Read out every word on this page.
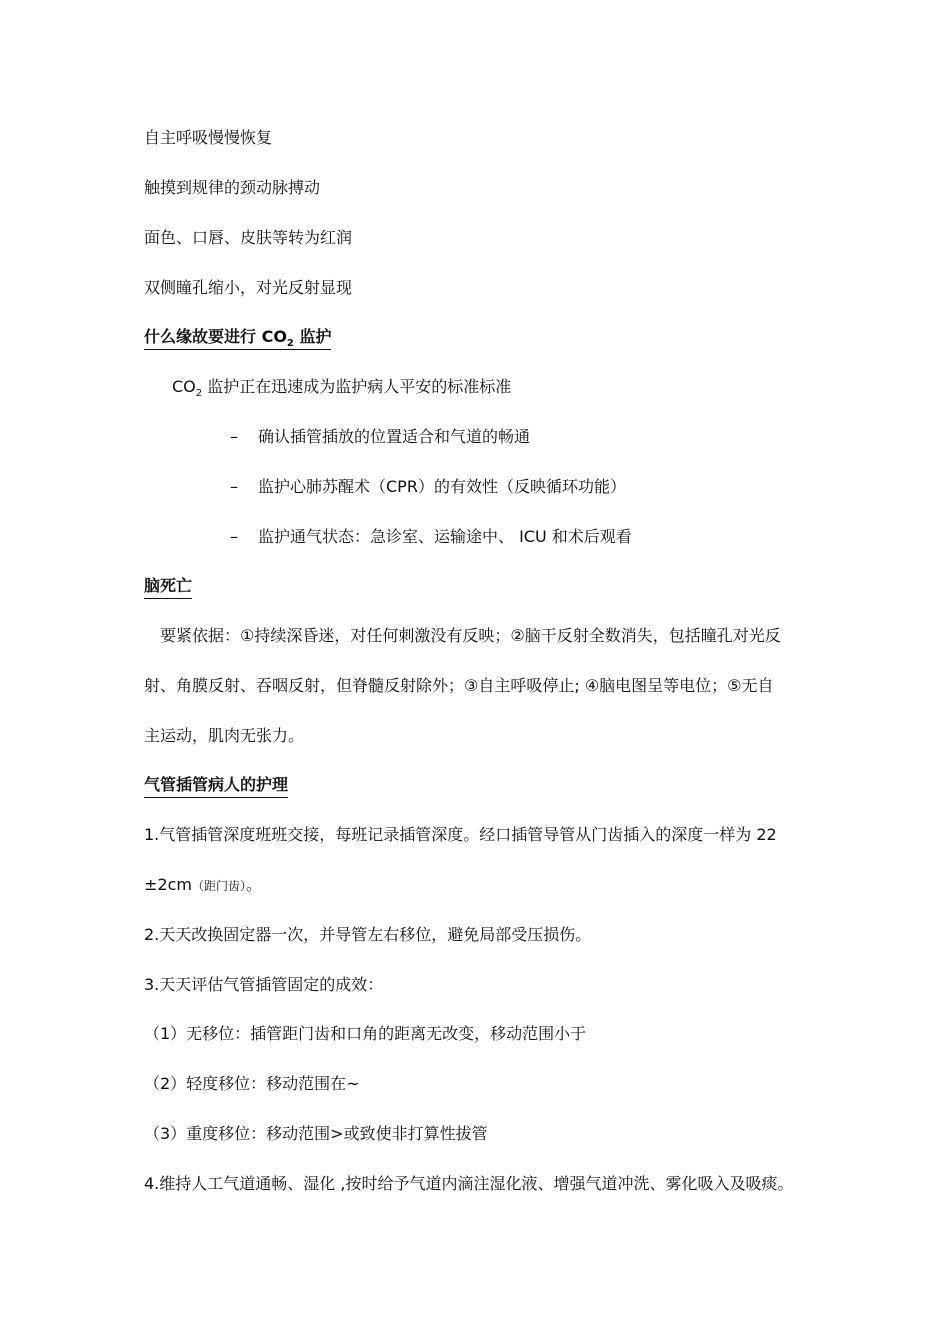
自主呼吸慢慢恢复
触摸到规律的颈动脉搏动
面色、口唇、皮肤等转为红润
双侧瞳孔缩小，对光反射显现
什么缘故要进行 $CO_2$ 监护
$CO_2$ 监护正在迅速成为监护病人平安的标准标准
– 确认插管插放的位置适合和气道的畅通
– 监护心肺苏醒术（CPR）的有效性（反映循环功能）
– 监护通气状态：急诊室、运输途中、 ICU 和术后观看
脑死亡
要紧依据：①持续深昏迷，对任何刺激没有反映；②脑干反射全数消失，包括瞳孔对光反
射、角膜反射、吞咽反射，但脊髓反射除外；③自主呼吸停止; ④脑电图呈等电位；⑤无自
主运动，肌肉无张力。
气管插管病人的护理
1.气管插管深度班班交接，每班记录插管深度。经口插管导管从门齿插入的深度一样为 22
±2cm（距门齿）。
2.天天改换固定器一次，并导管左右移位，避免局部受压损伤。
3.天天评估气管插管固定的成效：
（1）无移位：插管距门齿和口角的距离无改变，移动范围小于
（2）轻度移位：移动范围在~
（3）重度移位：移动范围>或致使非打算性拔管
4.维持人工气道通畅、湿化 ,按时给予气道内滴注湿化液、增强气道冲洗、雾化吸入及吸痰。
